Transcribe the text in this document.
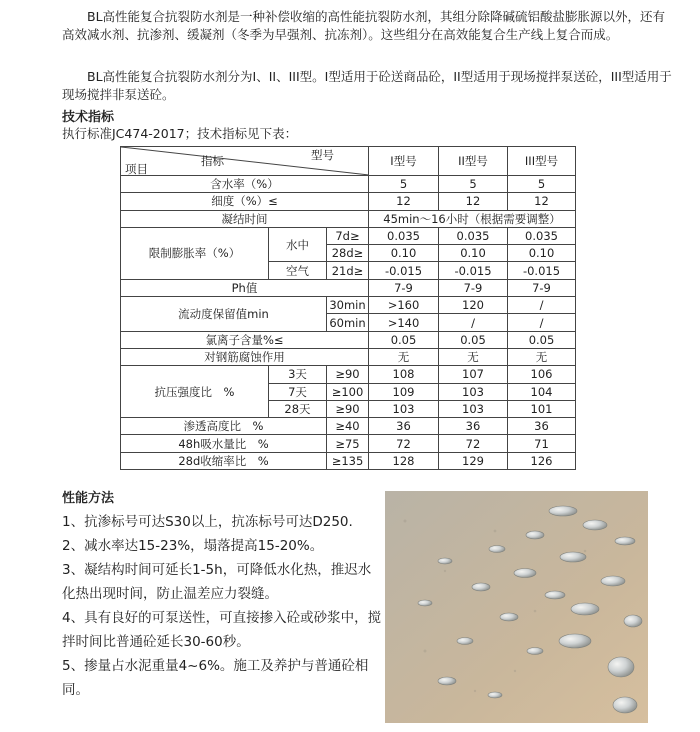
BL高性能复合抗裂防水剂是一种补偿收缩的高性能抗裂防水剂，其组分除降碱硫铝酸盐膨胀源以外，还有高效减水剂、抗渗剂、缓凝剂（冬季为早强剂、抗冻剂）。这些组分在高效能复合生产线上复合而成。
BL高性能复合抗裂防水剂分为I、II、III型。I型适用于砼送商品砼，II型适用于现场搅拌泵送砼，III型适用于现场搅拌非泵送砼。
技术指标
执行标准JC474-2017；技术指标见下表：
型号
指标
项目			I型号	II型号	III型号
含水率（%）			5	5	5
细度（%）≤			12	12	12
凝结时间			45min～16小时（根据需要调整）		
限制膨胀率（%）	水中	7d≥	0.035	0.035	0.035
		28d≥	0.10	0.10	0.10
	空气	21d≥	-0.015	-0.015	-0.015
Ph值			7-9	7-9	7-9
流动度保留值min		30min	>160	120	/
		60min	>140	/	/
氯离子含量%≤			0.05	0.05	0.05
对钢筋腐蚀作用			无	无	无
抗压强度比　%	3天	≥90	108	107	106
	7天	≥100	109	103	104
	28天	≥90	103	103	101
渗透高度比　%		≥40	36	36	36
48h吸水量比　%		≥75	72	72	71
28d收缩率比　%		≥135	128	129	126
性能方法
1、抗渗标号可达S30以上，抗冻标号可达D250.
2、减水率达15-23%，塌落提高15-20%。
3、凝结构时间可延长1-5h，可降低水化热，推迟水化热出现时间，防止温差应力裂缝。
4、具有良好的可泵送性，可直接掺入砼或砂浆中，搅拌时间比普通砼延长30-60秒。
5、掺量占水泥重量4~6%。施工及养护与普通砼相同。
